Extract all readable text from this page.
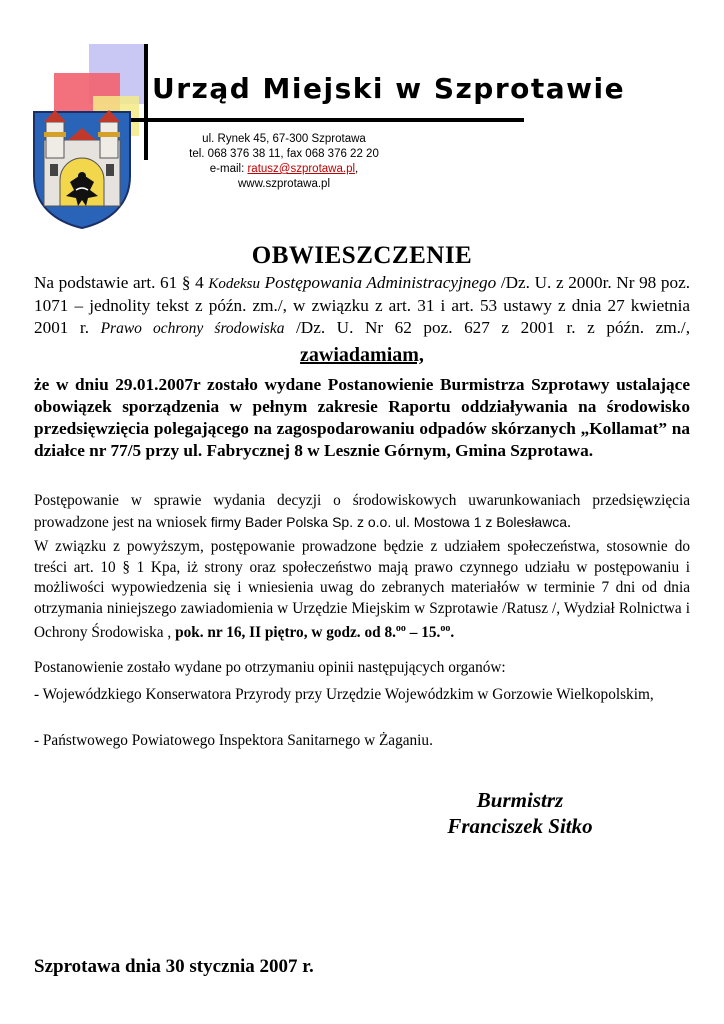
Urząd Miejski w Szprotawie
ul. Rynek 45, 67-300 Szprotawa
tel. 068 376 38 11, fax 068 376 22 20
e-mail: ratusz@szprotawa.pl,
www.szprotawa.pl
OBWIESZCZENIE
Na podstawie art. 61 § 4 Kodeksu Postępowania Administracyjnego /Dz. U. z 2000r. Nr 98 poz. 1071 – jednolity tekst z późn. zm./, w związku z art. 31 i art. 53 ustawy z dnia 27 kwietnia 2001 r. Prawo ochrony środowiska /Dz. U. Nr 62 poz. 627 z 2001 r. z późn. zm./,
zawiadamiam,
że w dniu 29.01.2007r zostało wydane Postanowienie Burmistrza Szprotawy ustalające obowiązek sporządzenia w pełnym zakresie Raportu oddziaływania na środowisko przedsięwzięcia polegającego na zagospodarowaniu odpadów skórzanych „Kollamat” na działce nr 77/5 przy ul. Fabrycznej 8 w Lesznie Górnym, Gmina Szprotawa.
Postępowanie w sprawie wydania decyzji o środowiskowych uwarunkowaniach przedsięwzięcia prowadzone jest na wniosek firmy Bader Polska Sp. z o.o. ul. Mostowa 1 z Bolesławca.
W związku z powyższym, postępowanie prowadzone będzie z udziałem społeczeństwa, stosownie do treści art. 10 § 1 Kpa, iż strony oraz społeczeństwo mają prawo czynnego udziału w postępowaniu i możliwości wypowiedzenia się i wniesienia uwag do zebranych materiałów w terminie 7 dni od dnia otrzymania niniejszego zawiadomienia w Urzędzie Miejskim w Szprotawie /Ratusz /, Wydział Rolnictwa i Ochrony Środowiska , pok. nr 16, II piętro, w godz. od 8.$^{oo}$ – 15.$^{oo}$.
Postanowienie zostało wydane po otrzymaniu opinii następujących organów:
- Wojewódzkiego Konserwatora Przyrody przy Urzędzie Wojewódzkim w Gorzowie Wielkopolskim,
- Państwowego Powiatowego Inspektora Sanitarnego w Żaganiu.
Burmistrz
Franciszek Sitko
Szprotawa dnia 30 stycznia 2007 r.
